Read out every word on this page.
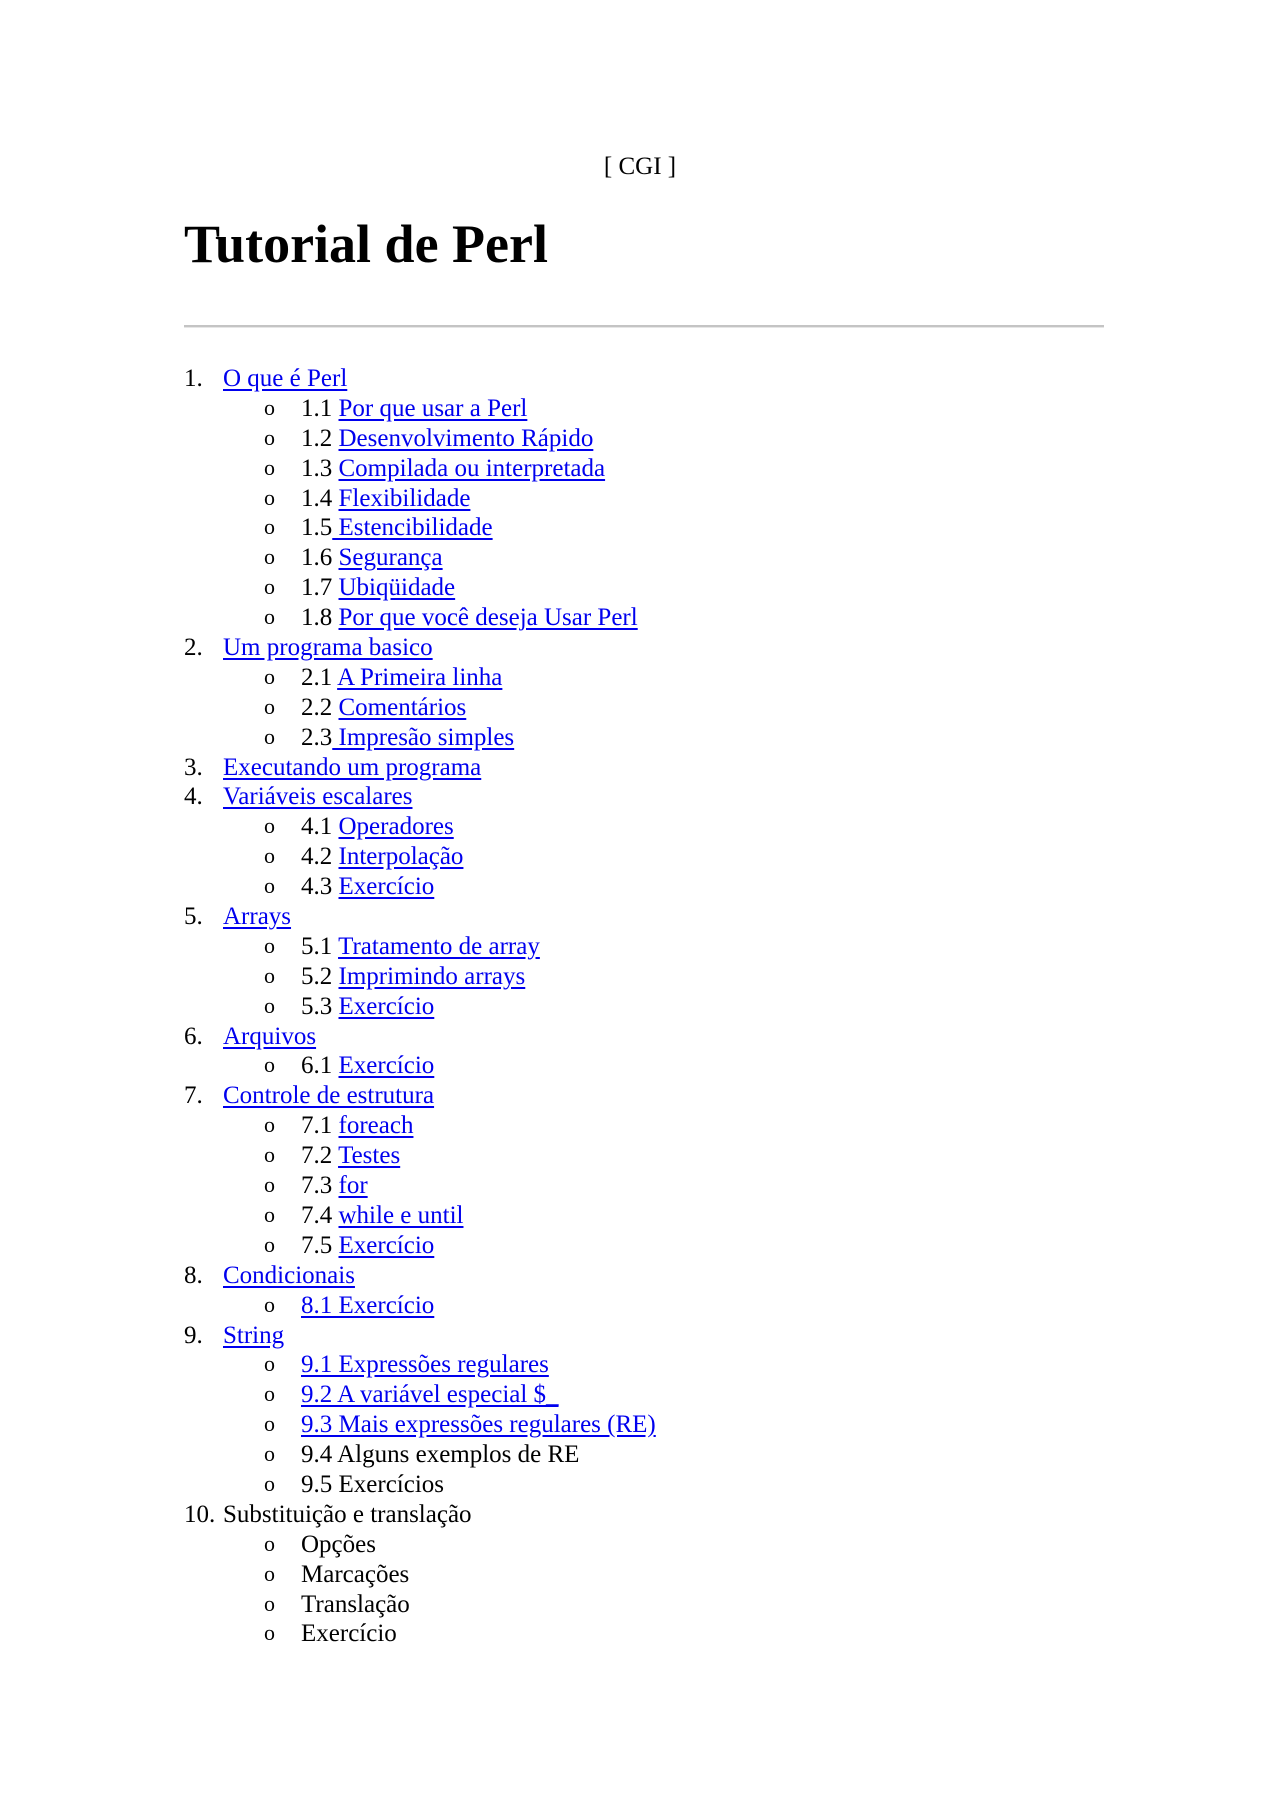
[ CGI ]
Tutorial de Perl
1. O que é Perl
o 1.1 Por que usar a Perl
o 1.2 Desenvolvimento Rápido
o 1.3 Compilada ou interpretada
o 1.4 Flexibilidade
o 1.5 Estencibilidade
o 1.6 Segurança
o 1.7 Ubiqüidade
o 1.8 Por que você deseja Usar Perl
2. Um programa basico
o 2.1 A Primeira linha
o 2.2 Comentários
o 2.3 Impresão simples
3. Executando um programa
4. Variáveis escalares
o 4.1 Operadores
o 4.2 Interpolação
o 4.3 Exercício
5. Arrays
o 5.1 Tratamento de array
o 5.2 Imprimindo arrays
o 5.3 Exercício
6. Arquivos
o 6.1 Exercício
7. Controle de estrutura
o 7.1 foreach
o 7.2 Testes
o 7.3 for
o 7.4 while e until
o 7.5 Exercício
8. Condicionais
o 8.1 Exercício
9. String
o 9.1 Expressões regulares
o 9.2 A variável especial $_
o 9.3 Mais expressões regulares (RE)
o 9.4 Alguns exemplos de RE
o 9.5 Exercícios
10. Substituição e translação
o Opções
o Marcações
o Translação
o Exercício
